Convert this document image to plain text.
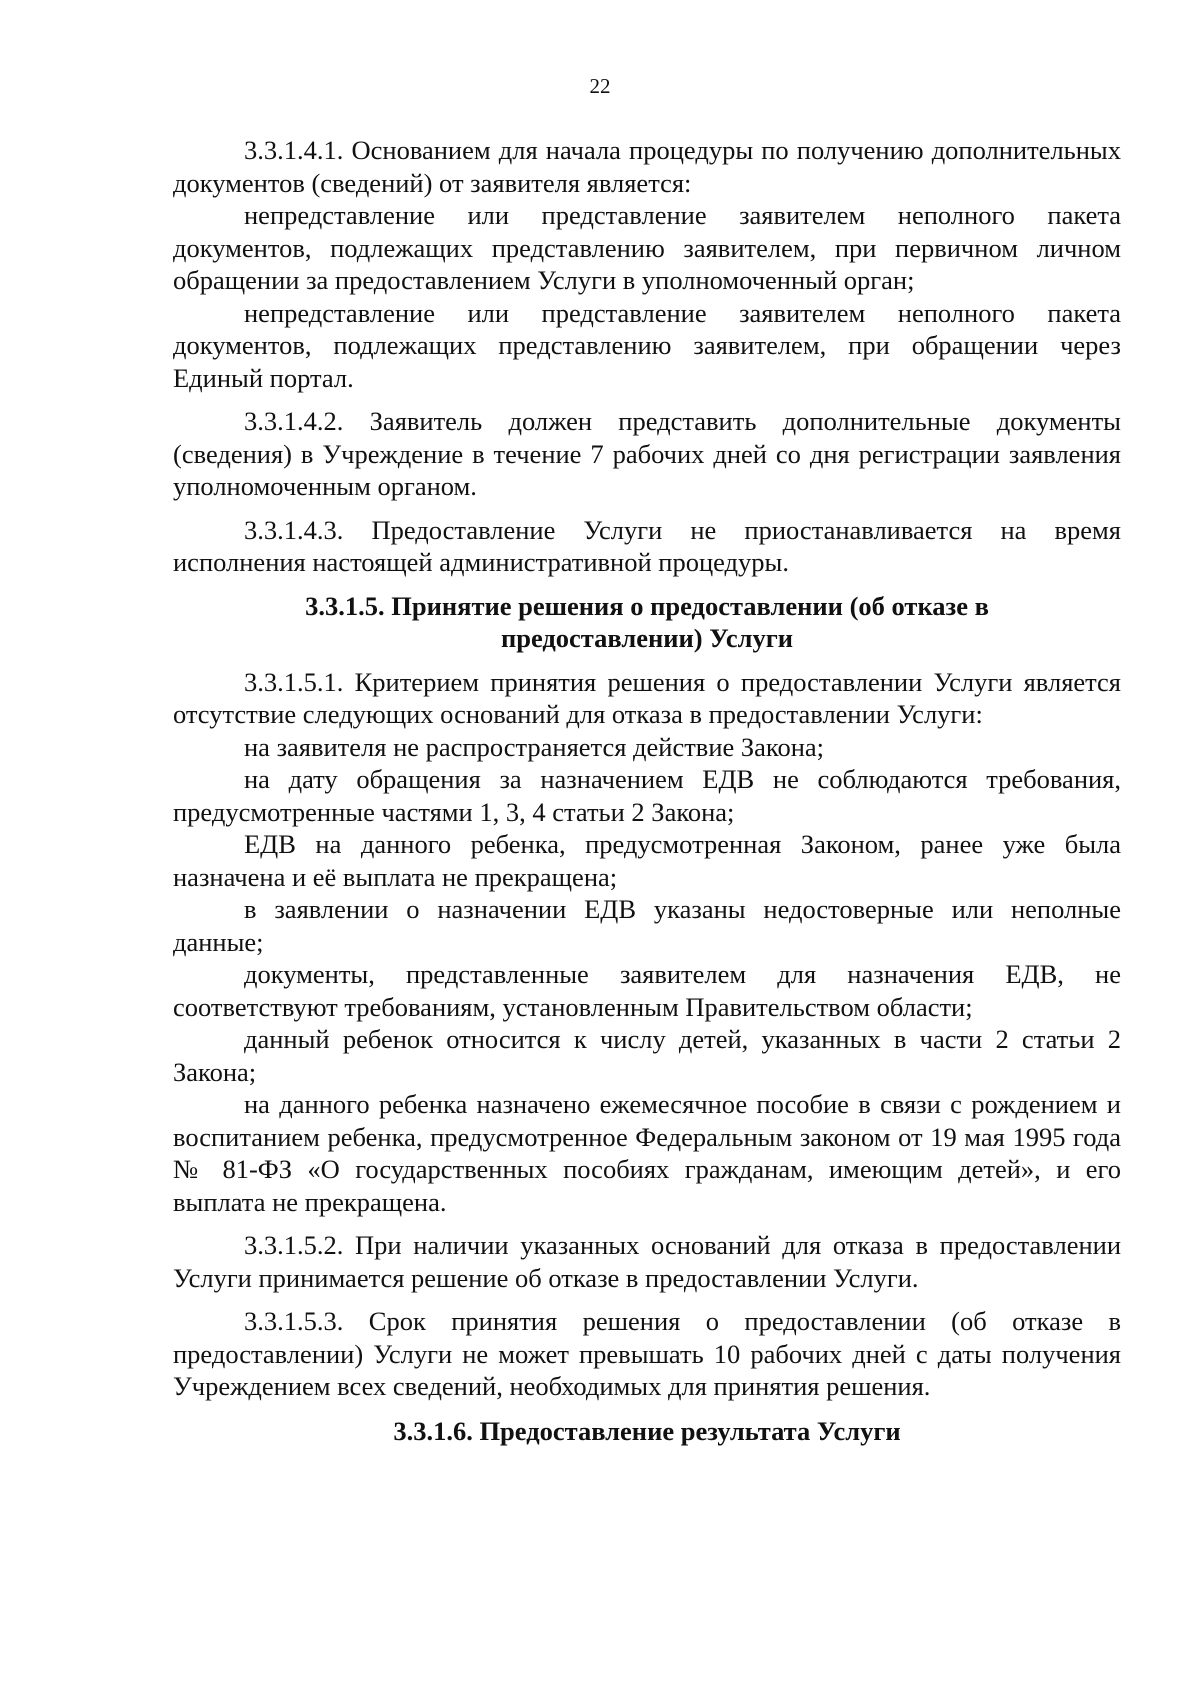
22

3.3.1.4.1. Основанием для начала процедуры по получению дополнительных документов (сведений) от заявителя является:

непредставление или представление заявителем неполного пакета документов, подлежащих представлению заявителем, при первичном личном обращении за предоставлением Услуги в уполномоченный орган;

непредставление или представление заявителем неполного пакета документов, подлежащих представлению заявителем, при обращении через Единый портал.

3.3.1.4.2. Заявитель должен представить дополнительные документы (сведения) в Учреждение в течение 7 рабочих дней со дня регистрации заявления уполномоченным органом.

3.3.1.4.3. Предоставление Услуги не приостанавливается на время исполнения настоящей административной процедуры.

3.3.1.5. Принятие решения о предоставлении (об отказе в предоставлении) Услуги

3.3.1.5.1. Критерием принятия решения о предоставлении Услуги является отсутствие следующих оснований для отказа в предоставлении Услуги:

на заявителя не распространяется действие Закона;

на дату обращения за назначением ЕДВ не соблюдаются требования, предусмотренные частями 1, 3, 4 статьи 2 Закона;

ЕДВ на данного ребенка, предусмотренная Законом, ранее уже была назначена и её выплата не прекращена;

в заявлении о назначении ЕДВ указаны недостоверные или неполные данные;

документы, представленные заявителем для назначения ЕДВ, не соответствуют требованиям, установленным Правительством области;

данный ребенок относится к числу детей, указанных в части 2 статьи 2 Закона;

на данного ребенка назначено ежемесячное пособие в связи с рождением и воспитанием ребенка, предусмотренное Федеральным законом от 19 мая 1995 года № 81-ФЗ «О государственных пособиях гражданам, имеющим детей», и его выплата не прекращена.

3.3.1.5.2. При наличии указанных оснований для отказа в предоставлении Услуги принимается решение об отказе в предоставлении Услуги.

3.3.1.5.3. Срок принятия решения о предоставлении (об отказе в предоставлении) Услуги не может превышать 10 рабочих дней с даты получения Учреждением всех сведений, необходимых для принятия решения.

3.3.1.6. Предоставление результата Услуги
